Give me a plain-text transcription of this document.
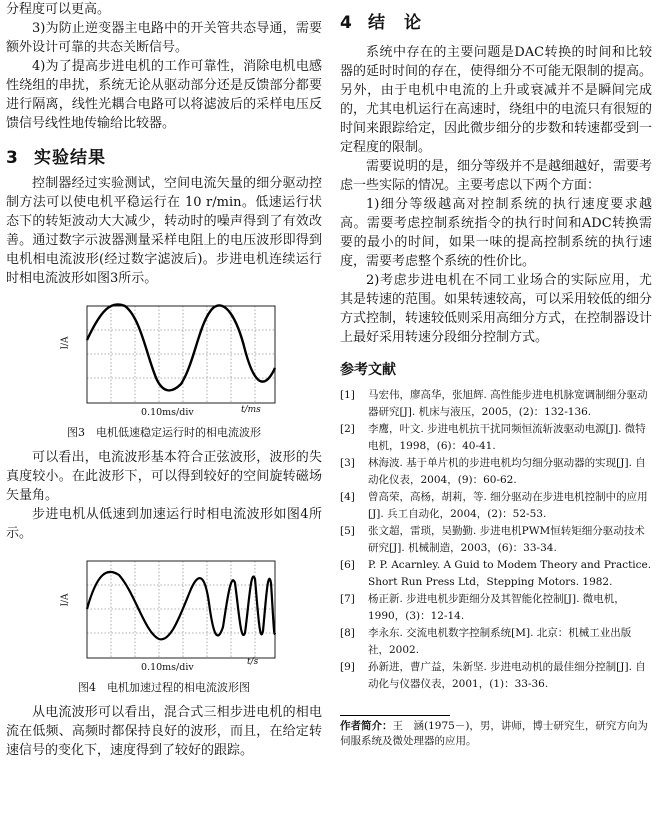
分程度可以更高。

3)为防止逆变器主电路中的开关管共态导通，需要额外设计可靠的共态关断信号。

4)为了提高步进电机的工作可靠性，消除电机电感性绕组的串扰，系统无论从驱动部分还是反馈部分都要进行隔离，线性光耦合电路可以将滤波后的采样电压反馈信号线性地传输给比较器。

3 实验结果

控制器经过实验测试，空间电流矢量的细分驱动控制方法可以使电机平稳运行在 10 r/min。低速运行状态下的转矩波动大大减少，转动时的噪声得到了有效改善。通过数字示波器测量采样电阻上的电压波形即得到电机相电流波形(经过数字滤波后)。步进电机连续运行时相电流波形如图3所示。

I/A
0.10ms/div	t/ms
图3　电机低速稳定运行时的相电流波形

可以看出，电流波形基本符合正弦波形，波形的失真度较小。在此波形下，可以得到较好的空间旋转磁场矢量角。

步进电机从低速到加速运行时相电流波形如图4所示。

I/A
0.10ms/div	t/s
图4　电机加速过程的相电流波形图

从电流波形可以看出，混合式三相步进电机的相电流在低频、高频时都保持良好的波形，而且，在给定转速信号的变化下，速度得到了较好的跟踪。

4 结　论

系统中存在的主要问题是DAC转换的时间和比较器的延时时间的存在，使得细分不可能无限制的提高。另外，由于电机中电流的上升或衰减并不是瞬间完成的，尤其电机运行在高速时，绕组中的电流只有很短的时间来跟踪给定，因此微步细分的步数和转速都受到一定程度的限制。

需要说明的是，细分等级并不是越细越好，需要考虑一些实际的情况。主要考虑以下两个方面：

1)细分等级越高对控制系统的执行速度要求越高。需要考虑控制系统指令的执行时间和ADC转换需要的最小的时间，如果一味的提高控制系统的执行速度，需要考虑整个系统的性价比。

2)考虑步进电机在不同工业场合的实际应用，尤其是转速的范围。如果转速较高，可以采用较低的细分方式控制，转速较低则采用高细分方式，在控制器设计上最好采用转速分段细分控制方式。

参考文献
[1]	马宏伟，廖高华，张旭辉. 高性能步进电机脉宽调制细分驱动器研究[J]. 机床与液压，2005，(2)：132-136.
[2]	李鹰，叶文. 步进电机抗干扰同频恒流斩波驱动电源[J]. 微特电机，1998，(6)：40-41.
[3]	林海波. 基于单片机的步进电机均匀细分驱动器的实现[J]. 自动化仪表，2004，(9)：60-62.
[4]	曾高荣，高杨，胡莉，等. 细分驱动在步进电机控制中的应用[J]. 兵工自动化，2004，(2)：52-53.
[5]	张文超，雷琐，吴勤勤. 步进电机PWM恒转矩细分驱动技术研究[J]. 机械制造，2003，(6)：33-34.
[6]	P. P. Acarnley. A Guid to Modem Theory and Practice. Short Run Press Ltd，Stepping Motors. 1982.
[7]	杨正新. 步进电机步距细分及其智能化控制[J]. 微电机，1990，(3)：12-14.
[8]	李永东. 交流电机数字控制系统[M]. 北京：机械工业出版社，2002.
[9]	孙新进，曹广益，朱新坚. 步进电动机的最佳细分控制[J]. 自动化与仪器仪表，2001，(1)：33-36.
作者简介：王　涵(1975－)，男，讲师，博士研究生，研究方向为伺服系统及微处理器的应用。
